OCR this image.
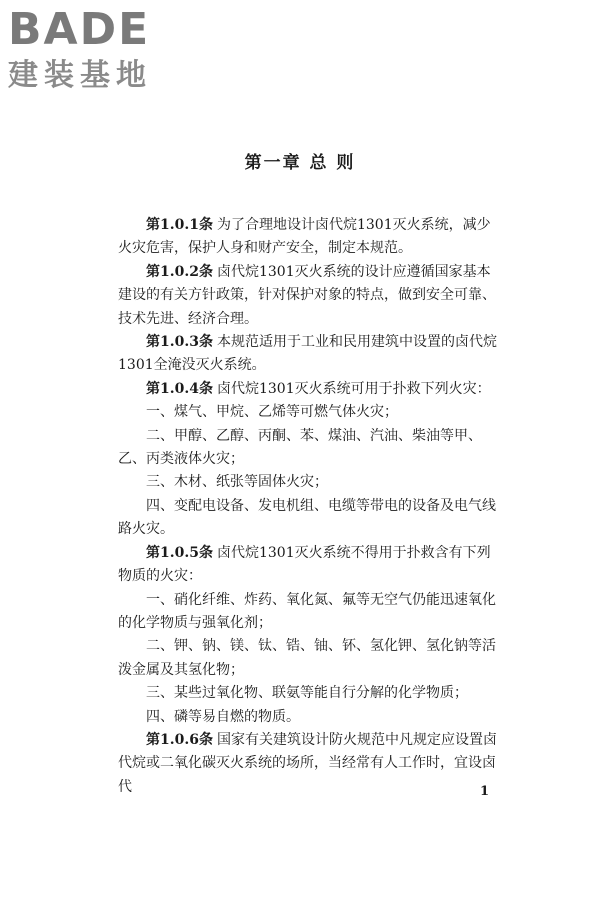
BADE
建装基地
第一章 总 则

第1.0.1条 为了合理地设计卤代烷1301灭火系统，减少火灾危害，保护人身和财产安全，制定本规范。

第1.0.2条 卤代烷1301灭火系统的设计应遵循国家基本建设的有关方针政策，针对保护对象的特点，做到安全可靠、技术先进、经济合理。

第1.0.3条 本规范适用于工业和民用建筑中设置的卤代烷1301全淹没灭火系统。

第1.0.4条 卤代烷1301灭火系统可用于扑救下列火灾：

一、煤气、甲烷、乙烯等可燃气体火灾；

二、甲醇、乙醇、丙酮、苯、煤油、汽油、柴油等甲、乙、丙类液体火灾；

三、木材、纸张等固体火灾；

四、变配电设备、发电机组、电缆等带电的设备及电气线路火灾。

第1.0.5条 卤代烷1301灭火系统不得用于扑救含有下列物质的火灾：

一、硝化纤维、炸药、氧化氮、氟等无空气仍能迅速氧化的化学物质与强氧化剂；

二、钾、钠、镁、钛、锆、铀、钚、氢化钾、氢化钠等活泼金属及其氢化物；

三、某些过氧化物、联氨等能自行分解的化学物质；

四、磷等易自燃的物质。

第1.0.6条 国家有关建筑设计防火规范中凡规定应设置卤代烷或二氧化碳灭火系统的场所，当经常有人工作时，宜设卤代	1
